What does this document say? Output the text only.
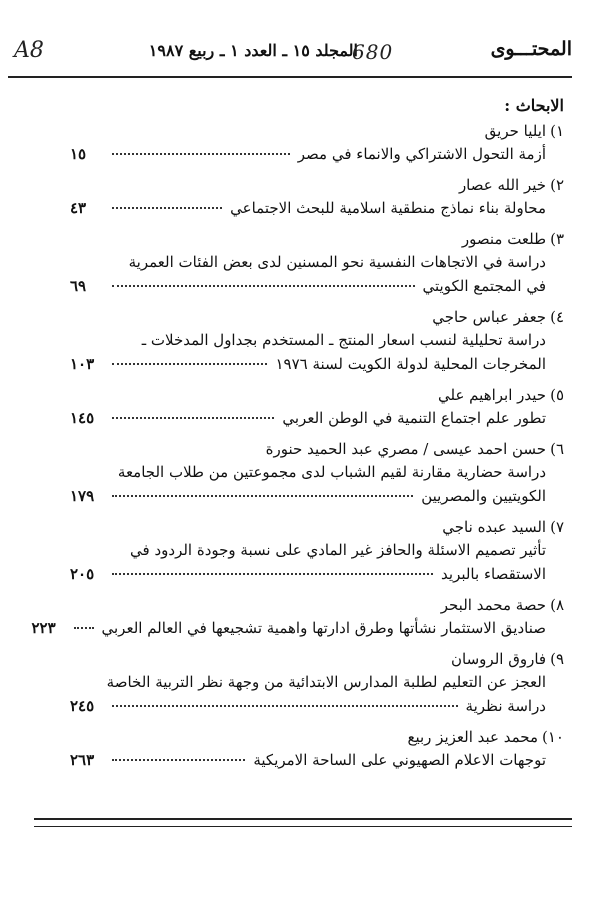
المحتـــوى
المجلد ١٥ ـ العدد ١ ـ ربيع ١٩٨٧
680
A8
الابحاث :
١)ايليا حريق
أزمة التحول الاشتراكي والانماء في مصر
١٥
٢)خير الله عصار
محاولة بناء نماذج منطقية اسلامية للبحث الاجتماعي
٤٣
٣)طلعت منصور
دراسة في الاتجاهات النفسية نحو المسنين لدى بعض الفئات العمرية
في المجتمع الكويتي
٦٩
٤)جعفر عباس حاجي
دراسة تحليلية لنسب اسعار المنتج ـ المستخدم بجداول المدخلات ـ
المخرجات المحلية لدولة الكويت لسنة ١٩٧٦
١٠٣
٥)حيدر ابراهيم علي
تطور علم اجتماع التنمية في الوطن العربي
١٤٥
٦)حسن احمد عيسى / مصري عبد الحميد حنورة
دراسة حضارية مقارنة لقيم الشباب لدى مجموعتين من طلاب الجامعة
الكويتيين والمصريين
١٧٩
٧)السيد عبده ناجي
تأثير تصميم الاسئلة والحافز غير المادي على نسبة وجودة الردود في
الاستقصاء بالبريد
٢٠٥
٨)حصة محمد البحر
صناديق الاستثمار نشأتها وطرق ادارتها واهمية تشجيعها في العالم العربي
٢٢٣
٩)فاروق الروسان
العجز عن التعليم لطلبة المدارس الابتدائية من وجهة نظر التربية الخاصة
دراسة نظرية
٢٤٥
١٠)محمد عبد العزيز ربيع
توجهات الاعلام الصهيوني على الساحة الامريكية
٢٦٣
